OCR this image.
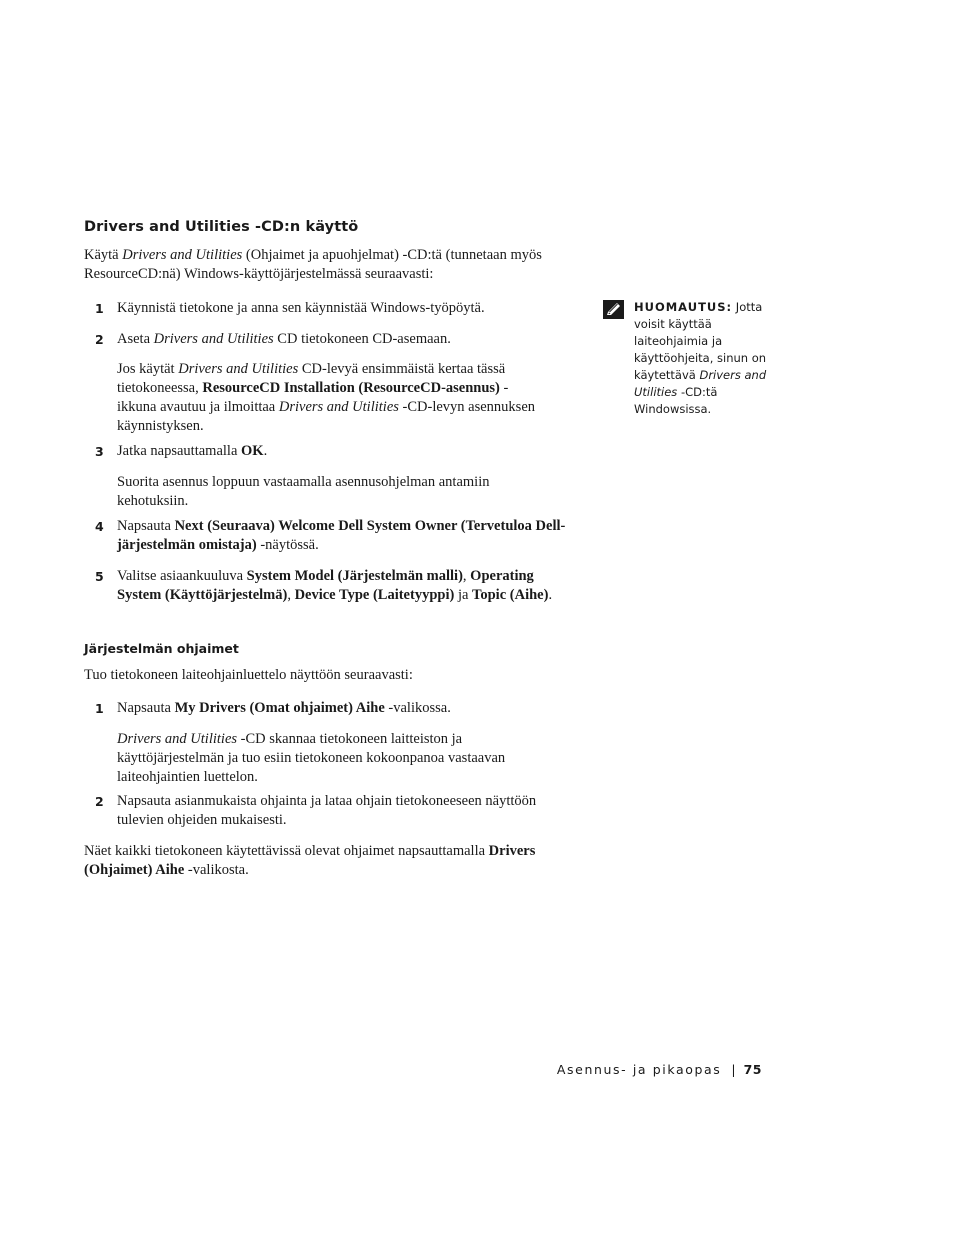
Drivers and Utilities -CD:n käyttö
Käytä Drivers and Utilities (Ohjaimet ja apuohjelmat) -CD:tä (tunnetaan myös ResourceCD:nä) Windows-käyttöjärjestelmässä seuraavasti:
1 Käynnistä tietokone ja anna sen käynnistää Windows-työpöytä.
2 Aseta Drivers and Utilities CD tietokoneen CD-asemaan.
Jos käytät Drivers and Utilities CD-levyä ensimmäistä kertaa tässä tietokoneessa, ResourceCD Installation (ResourceCD-asennus) -ikkuna avautuu ja ilmoittaa Drivers and Utilities -CD-levyn asennuksen käynnistyksen.
3 Jatka napsauttamalla OK.
Suorita asennus loppuun vastaamalla asennusohjelman antamiin kehotuksiin.
4 Napsauta Next (Seuraava) Welcome Dell System Owner (Tervetuloa Dell-järjestelmän omistaja) -näytössä.
5 Valitse asiaankuuluva System Model (Järjestelmän malli), Operating System (Käyttöjärjestelmä), Device Type (Laitetyyppi) ja Topic (Aihe).
Järjestelmän ohjaimet
Tuo tietokoneen laiteohjainluettelo näyttöön seuraavasti:
1 Napsauta My Drivers (Omat ohjaimet) Aihe -valikossa.
Drivers and Utilities -CD skannaa tietokoneen laitteiston ja käyttöjärjestelmän ja tuo esiin tietokoneen kokoonpanoa vastaavan laiteohjaintien luettelon.
2 Napsauta asianmukaista ohjainta ja lataa ohjain tietokoneeseen näyttöön tulevien ohjeiden mukaisesti.
Näet kaikki tietokoneen käytettävissä olevat ohjaimet napsauttamalla Drivers (Ohjaimet) Aihe -valikosta.
HUOMAUTUS: Jotta voisit käyttää laiteohjaimia ja käyttöohjeita, sinun on käytettävä Drivers and Utilities -CD:tä Windowsissa.
Asennus- ja pikaopas | 75
